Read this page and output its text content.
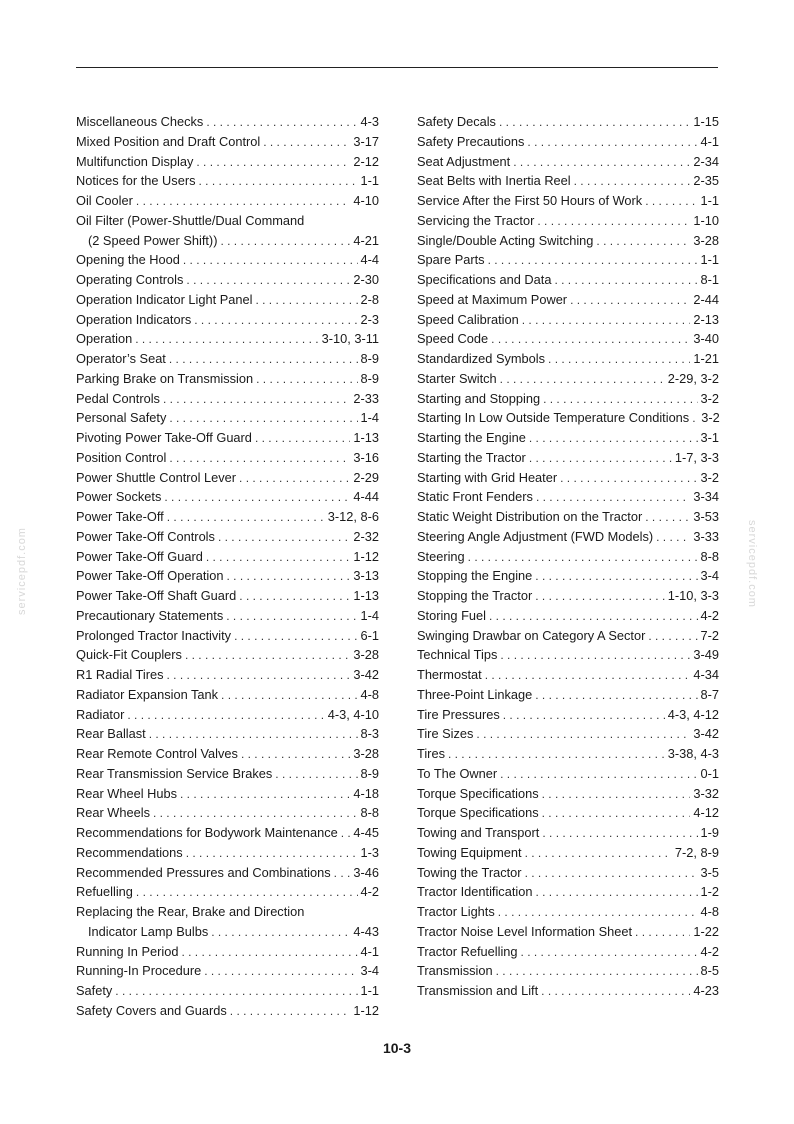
Miscellaneous Checks . . .	4-3
Mixed Position and Draft Control . . .	3-17
Multifunction Display . . .	2-12
Notices for the Users . . .	1-1
Oil Cooler . . .	4-10
Oil Filter (Power-Shuttle/Dual Command
(2 Speed Power Shift)) . . .	4-21
Opening the Hood . . .	4-4
Operating Controls . . .	2-30
Operation Indicator Light Panel . . .	2-8
Operation Indicators . . .	2-3
Operation . . .	3-10, 3-11
Operator’s Seat . . .	8-9
Parking Brake on Transmission . . .	8-9
Pedal Controls . . .	2-33
Personal Safety . . .	1-4
Pivoting Power Take-Off Guard . . .	1-13
Position Control . . .	3-16
Power Shuttle Control Lever . . .	2-29
Power Sockets . . .	4-44
Power Take-Off . . .	3-12, 8-6
Power Take-Off Controls . . .	2-32
Power Take-Off Guard . . .	1-12
Power Take-Off Operation . . .	3-13
Power Take-Off Shaft Guard . . .	1-13
Precautionary Statements . . .	1-4
Prolonged Tractor Inactivity . . .	6-1
Quick-Fit Couplers . . .	3-28
R1 Radial Tires . . .	3-42
Radiator Expansion Tank . . .	4-8
Radiator . . .	4-3, 4-10
Rear Ballast . . .	8-3
Rear Remote Control Valves . . .	3-28
Rear Transmission Service Brakes . . .	8-9
Rear Wheel Hubs . . .	4-18
Rear Wheels . . .	8-8
Recommendations for Bodywork Maintenance . . . 4-45
Recommendations . . .	1-3
Recommended Pressures and Combinations . . . 3-46
Refuelling . . .	4-2
Replacing the Rear, Brake and Direction
Indicator Lamp Bulbs . . .	4-43
Running In Period . . .	4-1
Running-In Procedure . . .	3-4
Safety . . .	1-1
Safety Covers and Guards . . .	1-12
Safety Decals . . .	1-15
Safety Precautions . . .	4-1
Seat Adjustment . . .	2-34
Seat Belts with Inertia Reel . . .	2-35
Service After the First 50 Hours of Work . . .	1-1
Servicing the Tractor . . .	1-10
Single/Double Acting Switching . . .	3-28
Spare Parts . . .	1-1
Specifications and Data . . .	8-1
Speed at Maximum Power . . .	2-44
Speed Calibration . . .	2-13
Speed Code . . .	3-40
Standardized Symbols . . .	1-21
Starter Switch . . .	2-29, 3-2
Starting and Stopping . . .	3-2
Starting In Low Outside Temperature Conditions . . . 3-2
Starting the Engine . . .	3-1
Starting the Tractor . . .	1-7, 3-3
Starting with Grid Heater . . .	3-2
Static Front Fenders . . .	3-34
Static Weight Distribution on the Tractor . . .	3-53
Steering Angle Adjustment (FWD Models) . . .	3-33
Steering . . .	8-8
Stopping the Engine . . .	3-4
Stopping the Tractor . . .	1-10, 3-3
Storing Fuel . . .	4-2
Swinging Drawbar on Category A Sector . . .	7-2
Technical Tips . . .	3-49
Thermostat . . .	4-34
Three-Point Linkage . . .	8-7
Tire Pressures . . .	4-3, 4-12
Tire Sizes . . .	3-42
Tires . . .	3-38, 4-3
To The Owner . . .	0-1
Torque Specifications . . .	3-32
Torque Specifications . . .	4-12
Towing and Transport . . .	1-9
Towing Equipment . . .	7-2, 8-9
Towing the Tractor . . .	3-5
Tractor Identification . . .	1-2
Tractor Lights . . .	4-8
Tractor Noise Level Information Sheet . . .	1-22
Tractor Refuelling . . .	4-2
Transmission . . .	8-5
Transmission and Lift . . .	4-23
servicepdf.com	servicepdf.com
10-3
